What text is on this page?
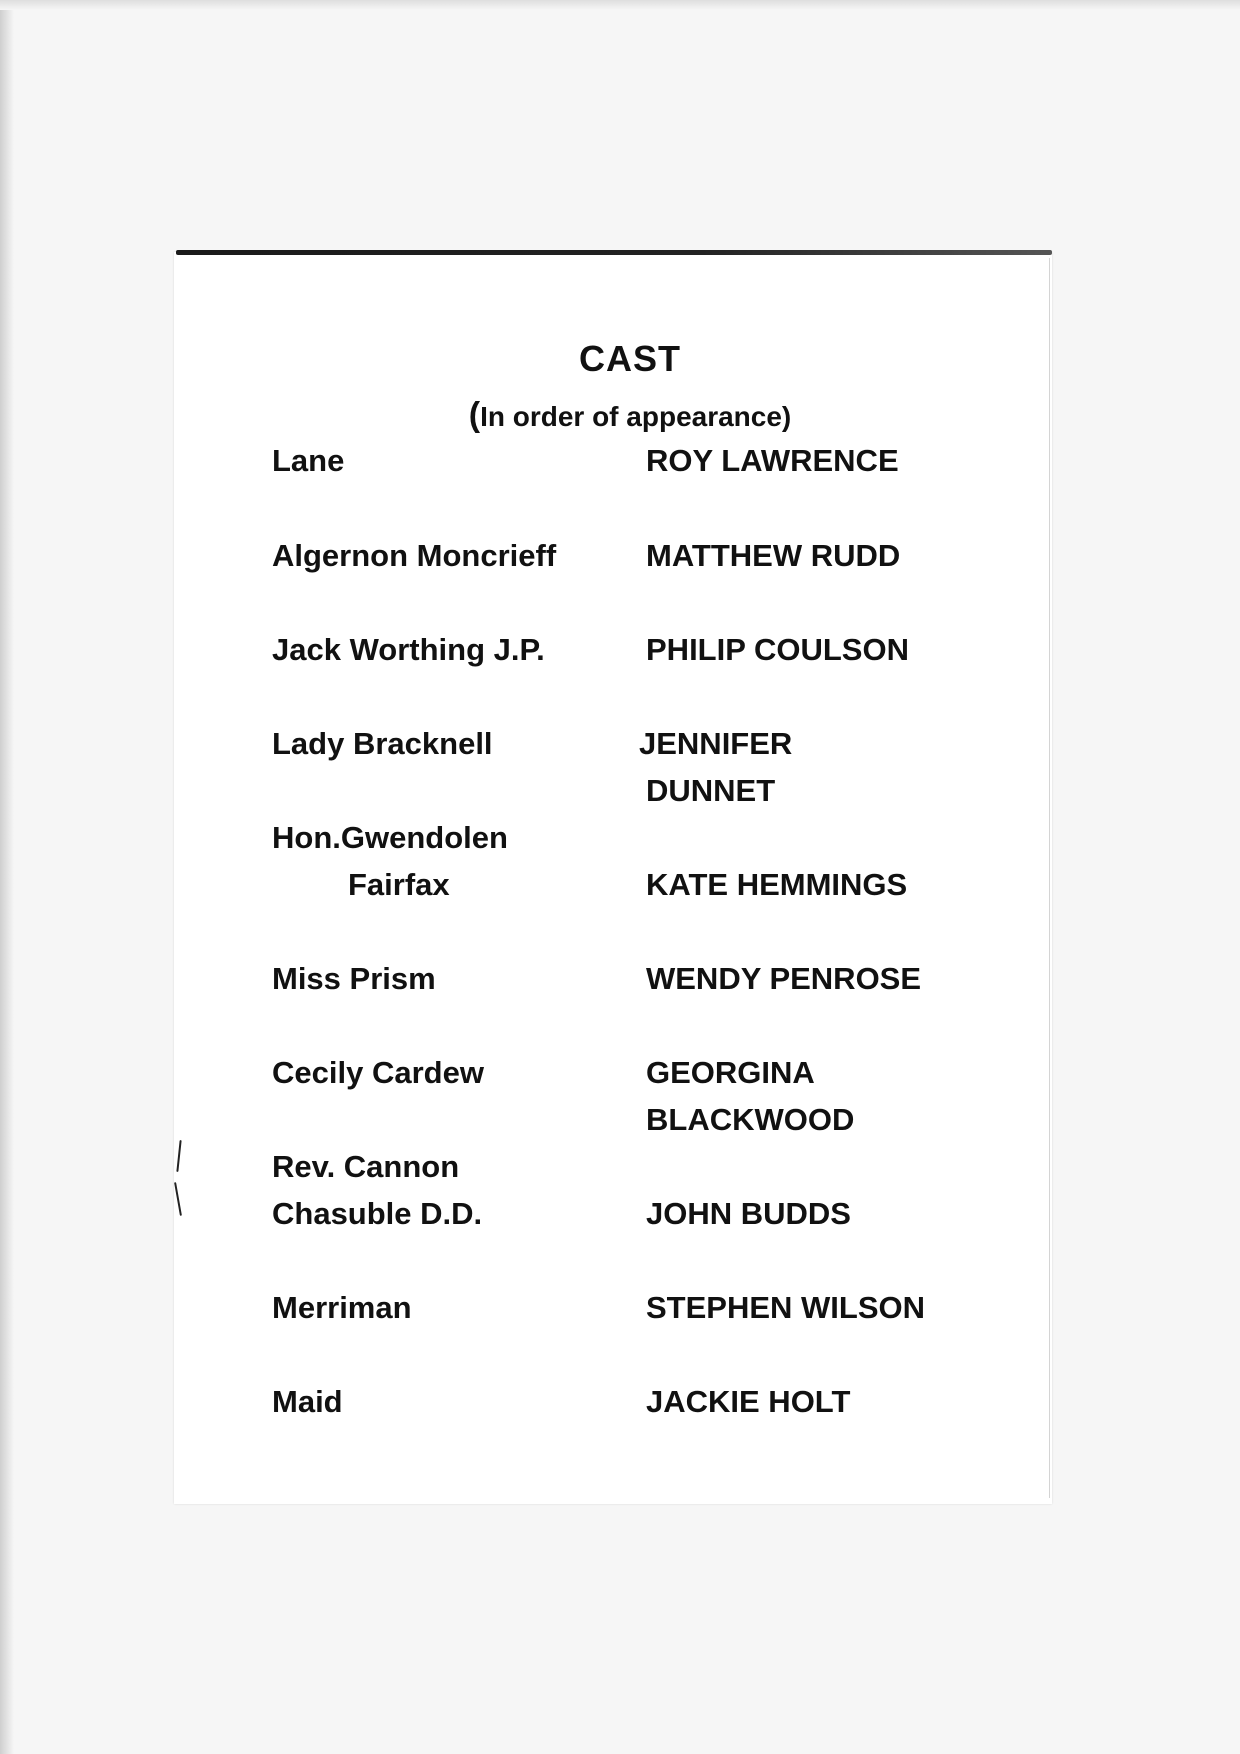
CAST
(In order of appearance)
Lane	ROY LAWRENCE
Algernon Moncrieff	MATTHEW RUDD
Jack Worthing J.P.	PHILIP COULSON
Lady Bracknell	JENNIFER
DUNNET
Hon.Gwendolen
Fairfax	KATE HEMMINGS
Miss Prism	WENDY PENROSE
Cecily Cardew	GEORGINA
BLACKWOOD
Rev. Cannon
Chasuble D.D.	JOHN BUDDS
Merriman	STEPHEN WILSON
Maid	JACKIE HOLT
